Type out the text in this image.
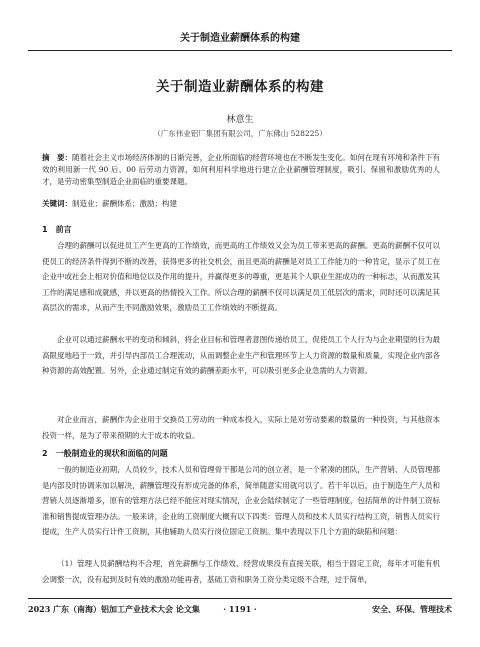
关于制造业薪酬体系的构建
关于制造业薪酬体系的构建
林意生
（广东伟业铝厂集团有限公司，广东佛山 528225）
摘　要：随着社会主义市场经济体制的日渐完善，企业所面临的经营环境也在不断发生变化。如何在现有环境和条件下有效的利用新一代 90 后、00 后劳动力资源，如何利用科学地进行建立企业薪酬管理制度，吸引、保留和激励优秀的人才，是劳动密集型制造企业面临的重要课题。
关键词：制造业；薪酬体系；激励；构建
1　前言

合理的薪酬可以促进员工产生更高的工作绩效，而更高的工作绩效又会为员工带来更高的薪酬。更高的薪酬不仅可以使员工的经济条件得到不断的改善，获得更多的社交机会，而且更高的薪酬是对员工工作能力的一种肯定，显示了员工在企业中或社会上相对价值和地位以及作用的提升，并赢得更多的尊重，更是其个人职业生涯成功的一种标志，从而激发其工作的满足感和成就感，并以更高的热情投入工作。所以合理的薪酬不仅可以满足员工低层次的需求，同时还可以满足其高层次的需求，从而产生不同激励效果，激励员工工作绩效的不断提高。

企业可以通过薪酬水平的变动和倾斜，将企业目标和管理者意图传递给员工，促使员工个人行为与企业期望的行为最高限度地趋于一致，并引导内部员工合理流动，从而调整企业生产和管理环节上人力资源的数量和质量，实现企业内部各种资源的高效配置。另外，企业通过制定有效的薪酬差距水平，可以吸引更多企业急需的人力资源。

对企业而言，薪酬作为企业用于交换员工劳动的一种成本投入，实际上是对劳动要素的数量的一种投资，与其他资本投资一样，是为了带来预期的大于成本的收益。

2　一般制造业的现状和面临的问题

一般的制造业初期，人员较少，技术人员和管理骨干都是公司的创立者，是一个紧凑的团队，生产营销、人员管理都是内部及时协调来加以解决，薪酬管理没有形成完备的体系，简单随意实用就可以了。若干年以后，由于制造生产人员和营销人员逐渐增多，原有的管理方法已经不能应对现实情况，企业会陆续制定了一些管理制度，包括简单的计件制工资标准和销售提成管理办法。一般来讲，企业的工资制度大概有以下四类：管理人员和技术人员实行结构工资，销售人员实行提成，生产人员实行计件工资制，其他辅助人员实行岗位固定工资制。集中表现以下几个方面的缺陷和问题：

（1）管理人员薪酬结构不合理，首先薪酬与工作绩效、经营成果没有直接关联，相当于固定工资，每年才可能有机会调整一次，没有起到及时有效的激励功能再者，基础工资和职务工资分类定级不合理，过于简单，

2023 广东（南海）铝加工产业技术大会 论文集	· 1191 ·	安全、环保、管理技术
